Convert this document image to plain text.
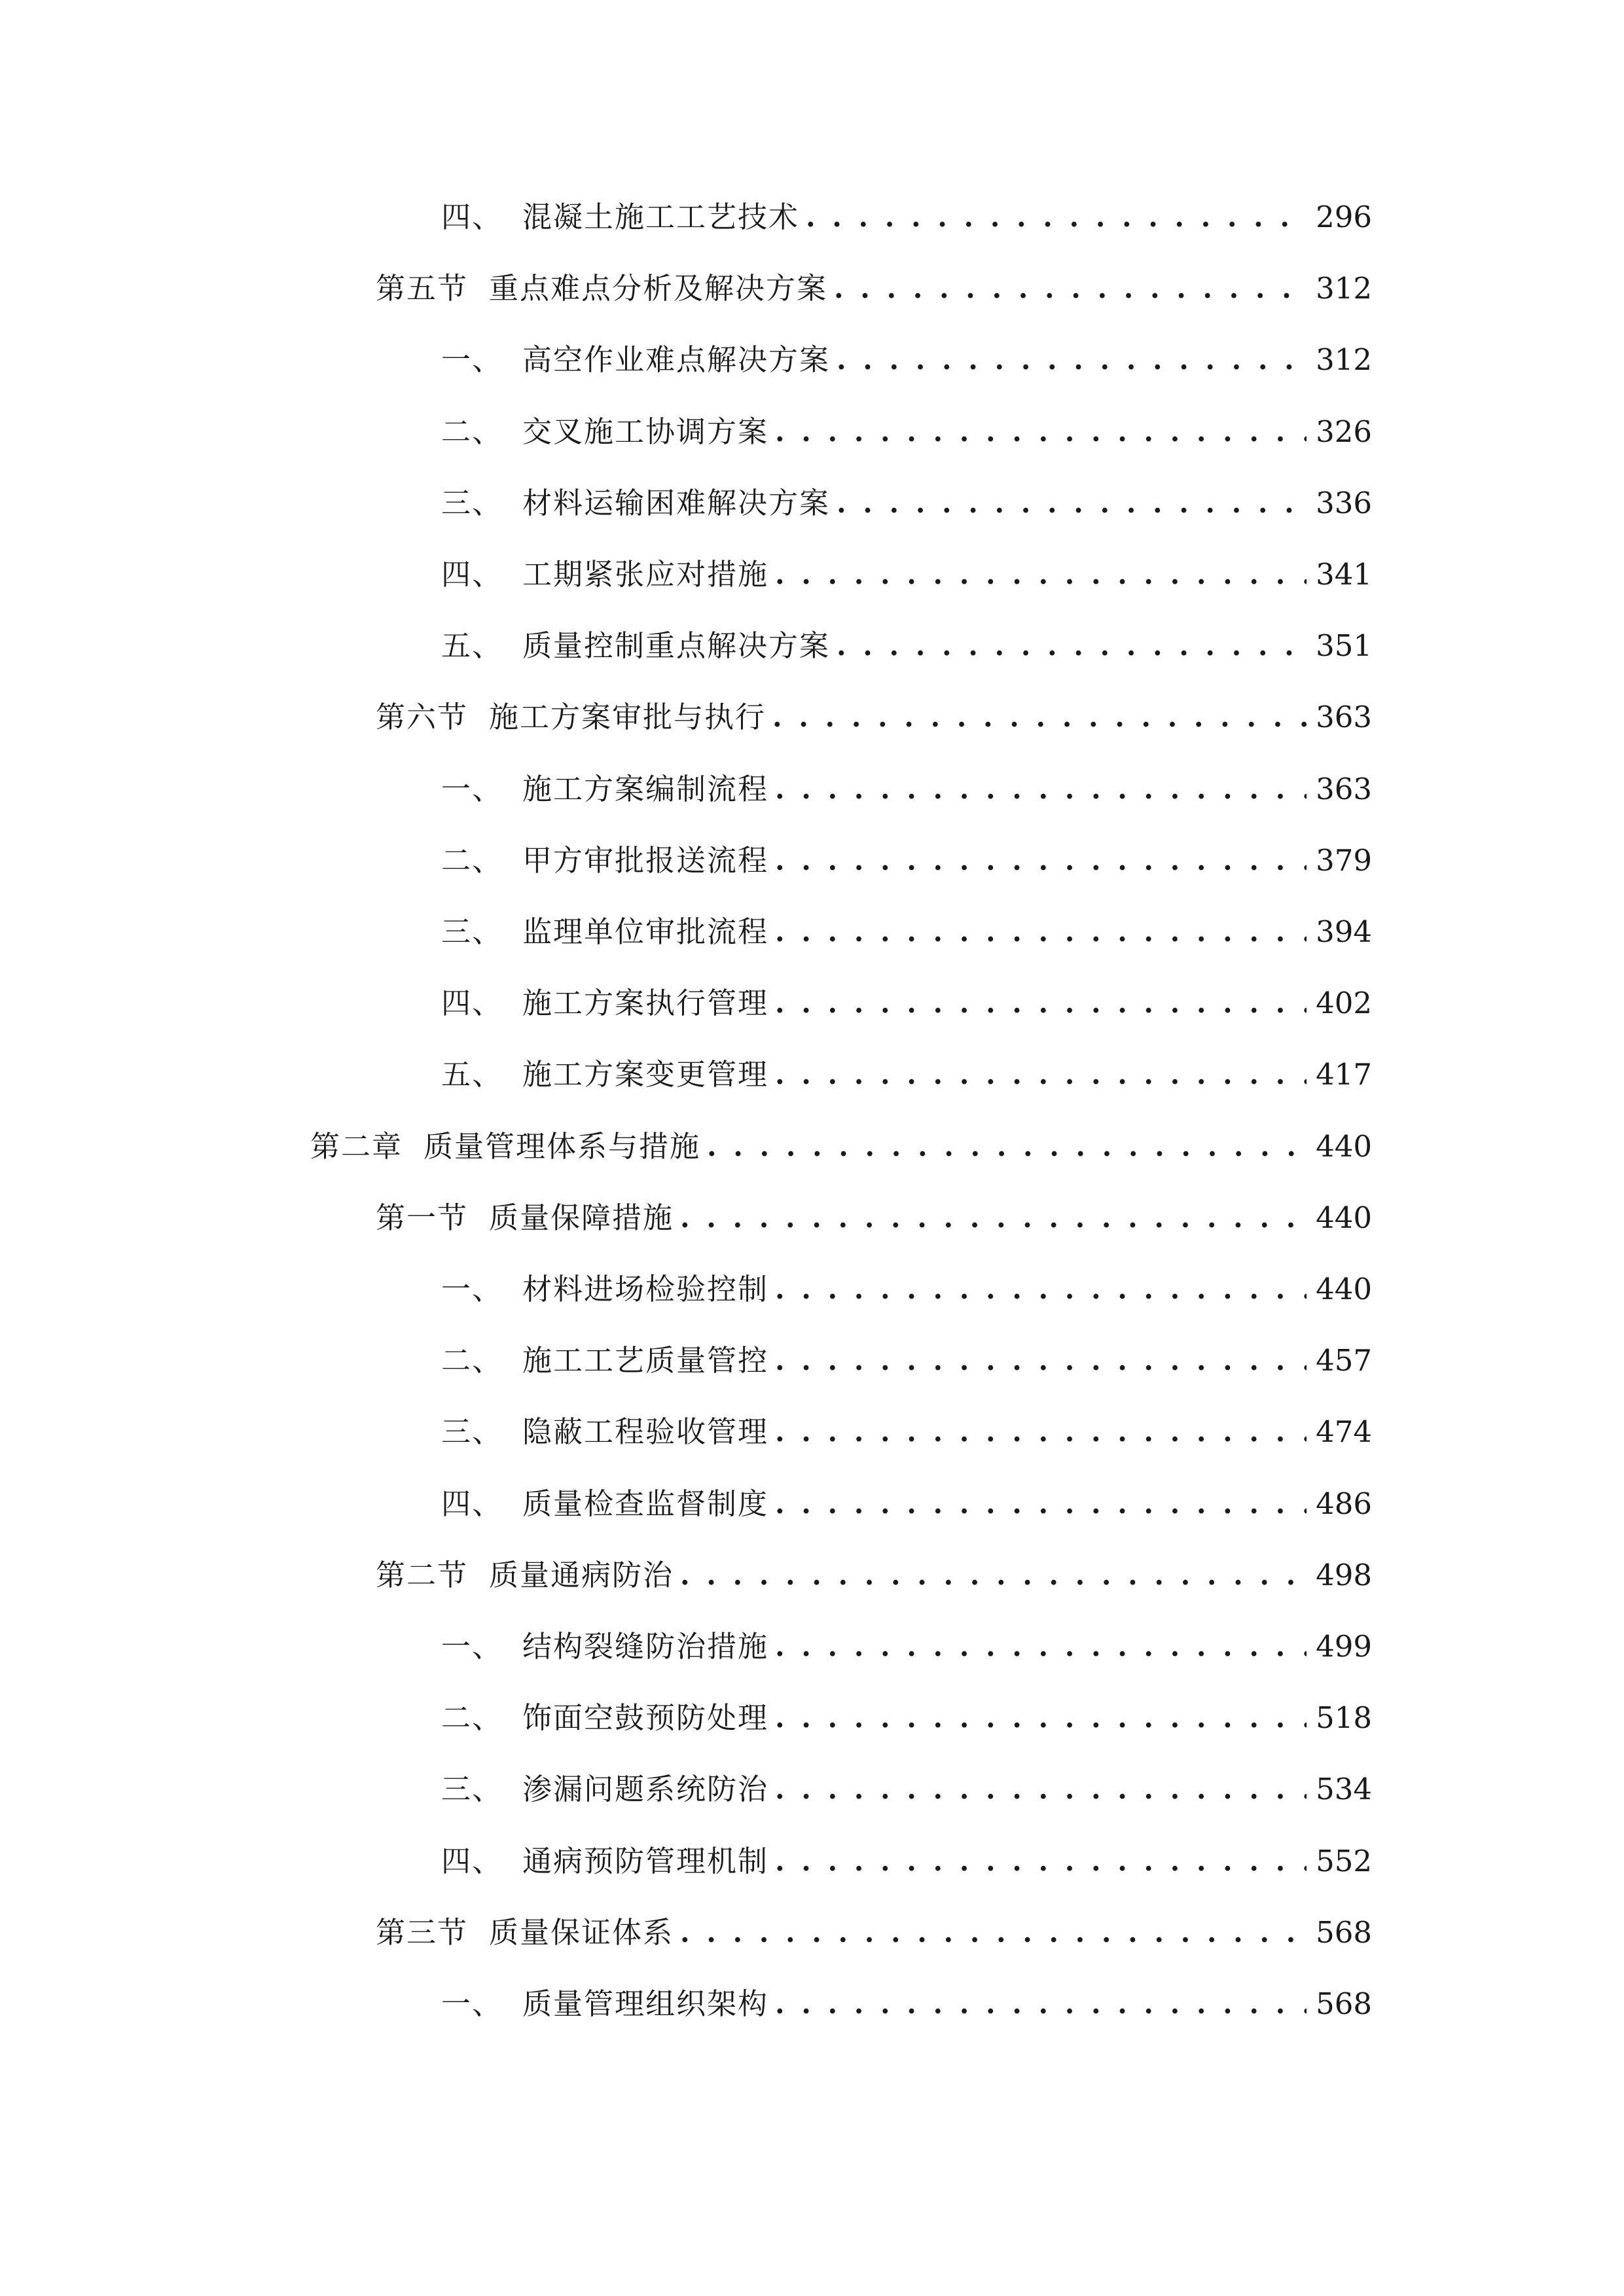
四、 混凝土施工工艺技术 . . .	296
第五节 重点难点分析及解决方案 . . .	312
一、 高空作业难点解决方案 . . .	312
二、 交叉施工协调方案 . . .	326
三、 材料运输困难解决方案 . . .	336
四、 工期紧张应对措施 . . .	341
五、 质量控制重点解决方案 . . .	351
第六节 施工方案审批与执行 . . .	363
一、 施工方案编制流程 . . .	363
二、 甲方审批报送流程 . . .	379
三、 监理单位审批流程 . . .	394
四、 施工方案执行管理 . . .	402
五、 施工方案变更管理 . . .	417
第二章 质量管理体系与措施 . . .	440
第一节 质量保障措施 . . .	440
一、 材料进场检验控制 . . .	440
二、 施工工艺质量管控 . . .	457
三、 隐蔽工程验收管理 . . .	474
四、 质量检查监督制度 . . .	486
第二节 质量通病防治 . . .	498
一、 结构裂缝防治措施 . . .	499
二、 饰面空鼓预防处理 . . .	518
三、 渗漏问题系统防治 . . .	534
四、 通病预防管理机制 . . .	552
第三节 质量保证体系 . . .	568
一、 质量管理组织架构 . . .	568
